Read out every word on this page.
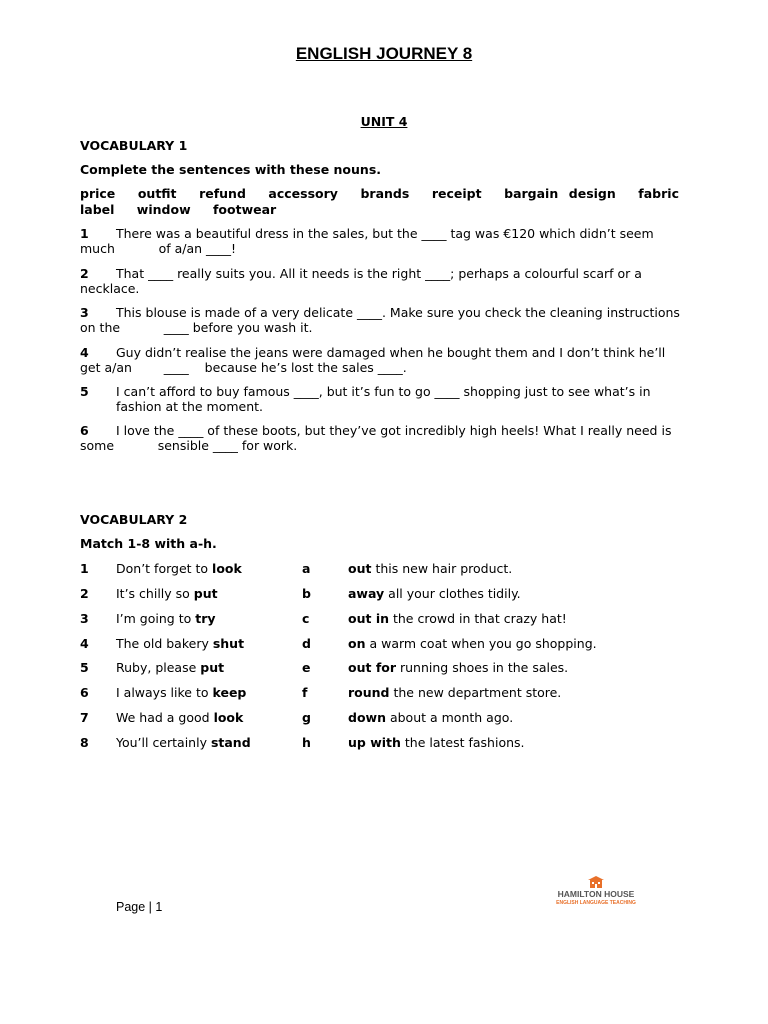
ENGLISH JOURNEY 8
UNIT 4
VOCABULARY 1
Complete the sentences with these nouns.
price outfit refund accessory brands receipt bargain design fabric label window footwear
1 There was a beautiful dress in the sales, but the ____ tag was €120 which didn’t seem
much           of a/an ____!
2 That ____ really suits you. All it needs is the right ____; perhaps a colourful scarf or a
necklace.
3 This blouse is made of a very delicate ____. Make sure you check the cleaning instructions
on the           ____ before you wash it.
4 Guy didn’t realise the jeans were damaged when he bought them and I don’t think he’ll
get a/an        ____    because he’s lost the sales ____.
5 I can’t afford to buy famous ____, but it’s fun to go ____ shopping just to see what’s in
fashion at the moment.
6 I love the ____ of these boots, but they’ve got incredibly high heels! What I really need is
some           sensible ____ for work.
VOCABULARY 2
Match 1-8 with a-h.
1 Don’t forget to look	a	out this new hair product.
2 It’s chilly so put	b	away all your clothes tidily.
3 I’m going to try	c	out in the crowd in that crazy hat!
4 The old bakery shut	d	on a warm coat when you go shopping.
5 Ruby, please put	e	out for running shoes in the sales.
6 I always like to keep	f	round the new department store.
7 We had a good look	g	down about a month ago.
8 You’ll certainly stand	h	up with the latest fashions.
HAMILTON HOUSE
ENGLISH LANGUAGE TEACHING
Page | 1
